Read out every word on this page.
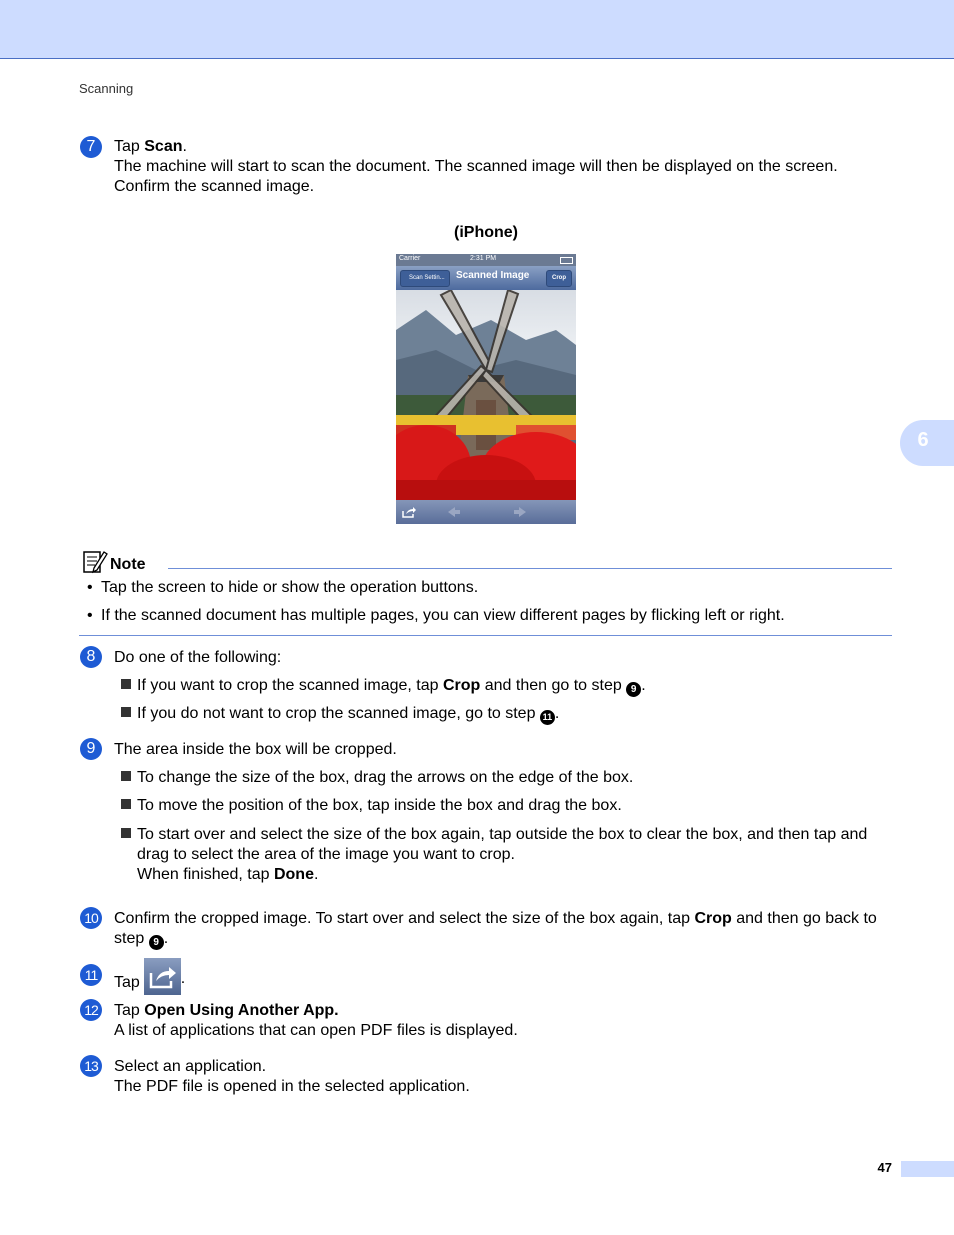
Scanning
6
7	Tap Scan.
The machine will start to scan the document. The scanned image will then be displayed on the screen.
Confirm the scanned image.
(iPhone)
Carrier	2:31 PM
Scan Settin...	Scanned Image	Crop
Note
• Tap the screen to hide or show the operation buttons.
• If the scanned document has multiple pages, you can view different pages by flicking left or right.
8	Do one of the following:
If you want to crop the scanned image, tap Crop and then go to step 9 .
If you do not want to crop the scanned image, go to step 11 .
9	The area inside the box will be cropped.
To change the size of the box, drag the arrows on the edge of the box.
To move the position of the box, tap inside the box and drag the box.
To start over and select the size of the box again, tap outside the box to clear the box, and then tap and drag to select the area of the image you want to crop.
When finished, tap Done.
10 Confirm the cropped image. To start over and select the size of the box again, tap Crop and then go back to step 9 .
11 Tap	.
12 Tap Open Using Another App.
A list of applications that can open PDF files is displayed.
13 Select an application.
The PDF file is opened in the selected application.
47
